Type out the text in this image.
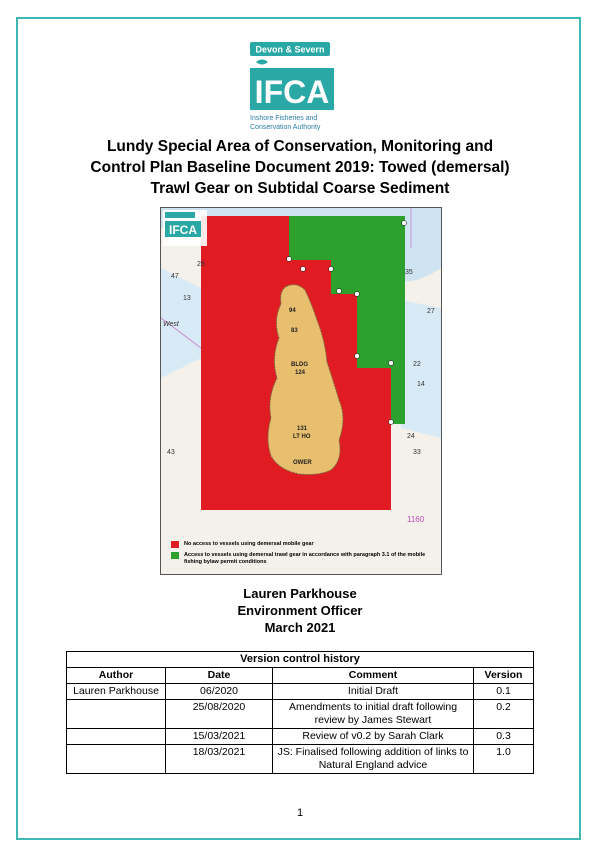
Devon & Severn
IFCA
Inshore Fisheries and
Conservation Authority
Lundy Special Area of Conservation, Monitoring and
Control Plan Baseline Document 2019: Towed (demersal)
Trawl Gear on Subtidal Coarse Sediment
47
13
28
35
27
22
14
24
43	33
1160
West
94
83
BLDG
124
131
LT HO
OWER
IFCA
No access to vessels using demersal mobile gear
Access to vessels using demersal trawl gear in accordance with paragraph 3.1 of the mobile fishing bylaw permit conditions
Lauren Parkhouse
Environment Officer
March 2021
Version control history			
Author	Date	Comment	Version
Lauren Parkhouse	06/2020	Initial Draft	0.1
	25/08/2020	Amendments to initial draft following review by James Stewart	0.2
	15/03/2021	Review of v0.2 by Sarah Clark	0.3
	18/03/2021	JS: Finalised following addition of links to Natural England advice	1.0
1
